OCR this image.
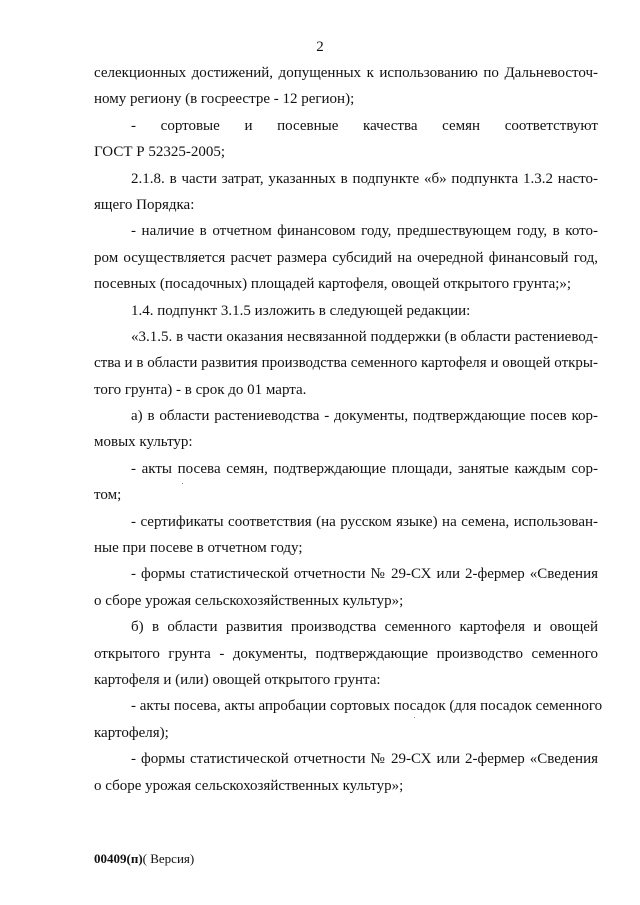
2
селекционных достижений, допущенных к использованию по Дальневосточ-
ному региону (в госреестре - 12 регион);
- сортовые и посевные качества семян соответствуют
ГОСТ Р 52325-2005;
2.1.8. в части затрат, указанных в подпункте «б» подпункта 1.3.2 насто-
ящего Порядка:
- наличие в отчетном финансовом году, предшествующем году, в кото-
ром осуществляется расчет размера субсидий на очередной финансовый год,
посевных (посадочных) площадей картофеля, овощей открытого грунта;»;
1.4. подпункт 3.1.5 изложить в следующей редакции:
«3.1.5. в части оказания несвязанной поддержки (в области растениевод-
ства и в области развития производства семенного картофеля и овощей откры-
того грунта) - в срок до 01 марта.
а) в области растениеводства - документы, подтверждающие посев кор-
мовых культур:
- акты посева семян, подтверждающие площади, занятые каждым сор-
том;
- сертификаты соответствия (на русском языке) на семена, использован-
ные при посеве в отчетном году;
- формы статистической отчетности № 29-СХ или 2-фермер «Сведения
о сборе урожая сельскохозяйственных культур»;
б) в области развития производства семенного картофеля и овощей
открытого грунта - документы, подтверждающие производство семенного
картофеля и (или) овощей открытого грунта:
- акты посева, акты апробации сортовых посадок (для посадок семенного
картофеля);
- формы статистической отчетности № 29-СХ или 2-фермер «Сведения
о сборе урожая сельскохозяйственных культур»;
00409(п)( Версия)
